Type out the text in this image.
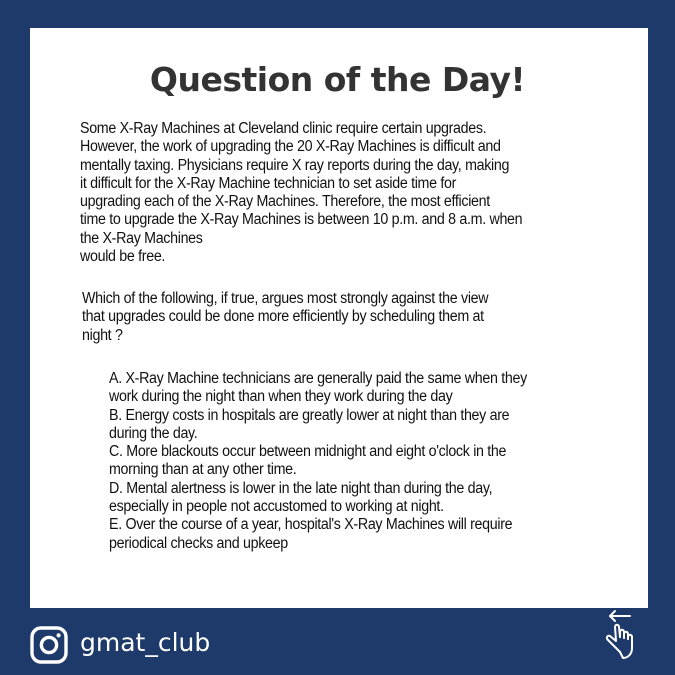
Question of the Day!
Some X-Ray Machines at Cleveland clinic require certain upgrades.
However, the work of upgrading the 20 X-Ray Machines is difficult and
mentally taxing. Physicians require X ray reports during the day, making
it difficult for the X-Ray Machine technician to set aside time for
upgrading each of the X-Ray Machines. Therefore, the most efficient
time to upgrade the X-Ray Machines is between 10 p.m. and 8 a.m. when
the X-Ray Machines
would be free.
Which of the following, if true, argues most strongly against the view
that upgrades could be done more efficiently by scheduling them at
night ?
A. X-Ray Machine technicians are generally paid the same when they
work during the night than when they work during the day
B. Energy costs in hospitals are greatly lower at night than they are
during the day.
C. More blackouts occur between midnight and eight o'clock in the
morning than at any other time.
D. Mental alertness is lower in the late night than during the day,
especially in people not accustomed to working at night.
E. Over the course of a year, hospital's X-Ray Machines will require
periodical checks and upkeep
gmat_club
